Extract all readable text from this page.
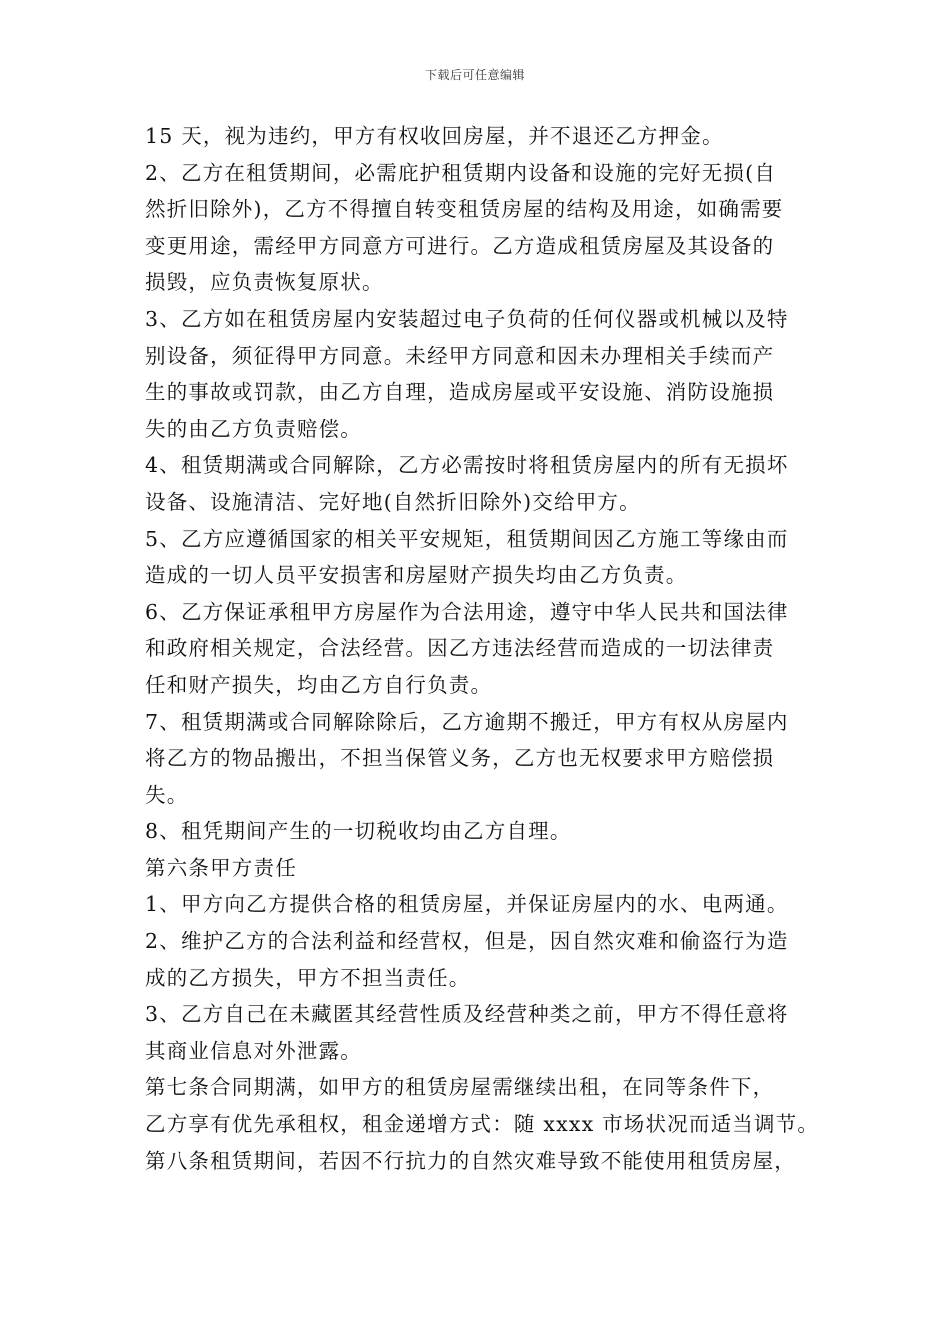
下载后可任意编辑
15 天，视为违约，甲方有权收回房屋，并不退还乙方押金。
2、乙方在租赁期间，必需庇护租赁期内设备和设施的完好无损(自
然折旧除外)，乙方不得擅自转变租赁房屋的结构及用途，如确需要
变更用途，需经甲方同意方可进行。乙方造成租赁房屋及其设备的
损毁，应负责恢复原状。
3、乙方如在租赁房屋内安装超过电子负荷的任何仪器或机械以及特
别设备，须征得甲方同意。未经甲方同意和因未办理相关手续而产
生的事故或罚款，由乙方自理，造成房屋或平安设施、消防设施损
失的由乙方负责赔偿。
4、租赁期满或合同解除，乙方必需按时将租赁房屋内的所有无损坏
设备、设施清洁、完好地(自然折旧除外)交给甲方。
5、乙方应遵循国家的相关平安规矩，租赁期间因乙方施工等缘由而
造成的一切人员平安损害和房屋财产损失均由乙方负责。
6、乙方保证承租甲方房屋作为合法用途，遵守中华人民共和国法律
和政府相关规定，合法经营。因乙方违法经营而造成的一切法律责
任和财产损失，均由乙方自行负责。
7、租赁期满或合同解除除后，乙方逾期不搬迁，甲方有权从房屋内
将乙方的物品搬出，不担当保管义务，乙方也无权要求甲方赔偿损
失。
8、租凭期间产生的一切税收均由乙方自理。
第六条甲方责任
1、甲方向乙方提供合格的租赁房屋，并保证房屋内的水、电两通。
2、维护乙方的合法利益和经营权，但是，因自然灾难和偷盗行为造
成的乙方损失，甲方不担当责任。
3、乙方自己在未藏匿其经营性质及经营种类之前，甲方不得任意将
其商业信息对外泄露。
第七条合同期满，如甲方的租赁房屋需继续出租，在同等条件下，
乙方享有优先承租权，租金递增方式：随 xxxx 市场状况而适当调节。
第八条租赁期间，若因不行抗力的自然灾难导致不能使用租赁房屋，
